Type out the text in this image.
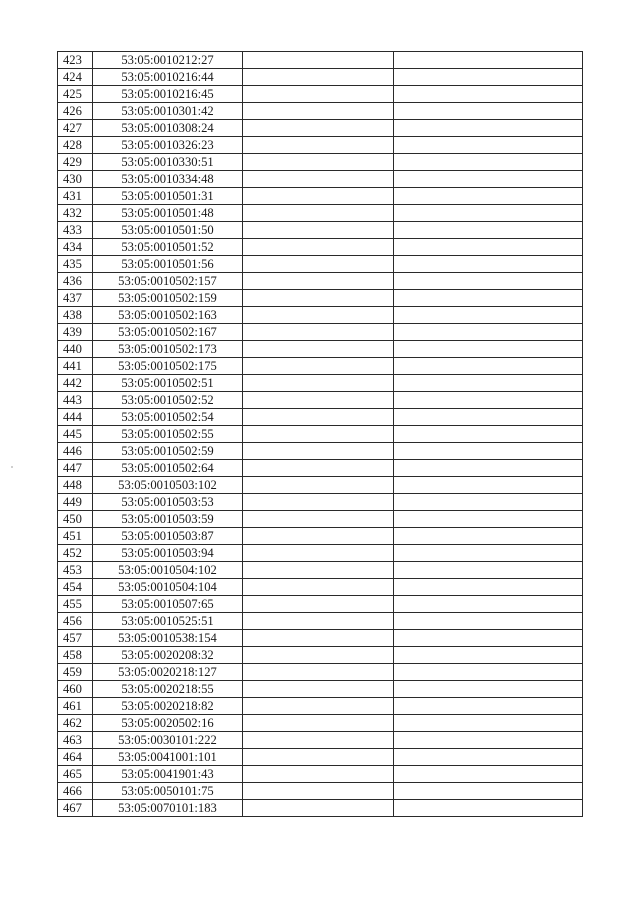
423	53:05:0010212:27		
424	53:05:0010216:44		
425	53:05:0010216:45		
426	53:05:0010301:42		
427	53:05:0010308:24		
428	53:05:0010326:23		
429	53:05:0010330:51		
430	53:05:0010334:48		
431	53:05:0010501:31		
432	53:05:0010501:48		
433	53:05:0010501:50		
434	53:05:0010501:52		
435	53:05:0010501:56		
436	53:05:0010502:157		
437	53:05:0010502:159		
438	53:05:0010502:163		
439	53:05:0010502:167		
440	53:05:0010502:173		
441	53:05:0010502:175		
442	53:05:0010502:51		
443	53:05:0010502:52		
444	53:05:0010502:54		
445	53:05:0010502:55		
446	53:05:0010502:59		
447	53:05:0010502:64		
448	53:05:0010503:102		
449	53:05:0010503:53		
450	53:05:0010503:59		
451	53:05:0010503:87		
452	53:05:0010503:94		
453	53:05:0010504:102		
454	53:05:0010504:104		
455	53:05:0010507:65		
456	53:05:0010525:51		
457	53:05:0010538:154		
458	53:05:0020208:32		
459	53:05:0020218:127		
460	53:05:0020218:55		
461	53:05:0020218:82		
462	53:05:0020502:16		
463	53:05:0030101:222		
464	53:05:0041001:101		
465	53:05:0041901:43		
466	53:05:0050101:75		
467	53:05:0070101:183		
